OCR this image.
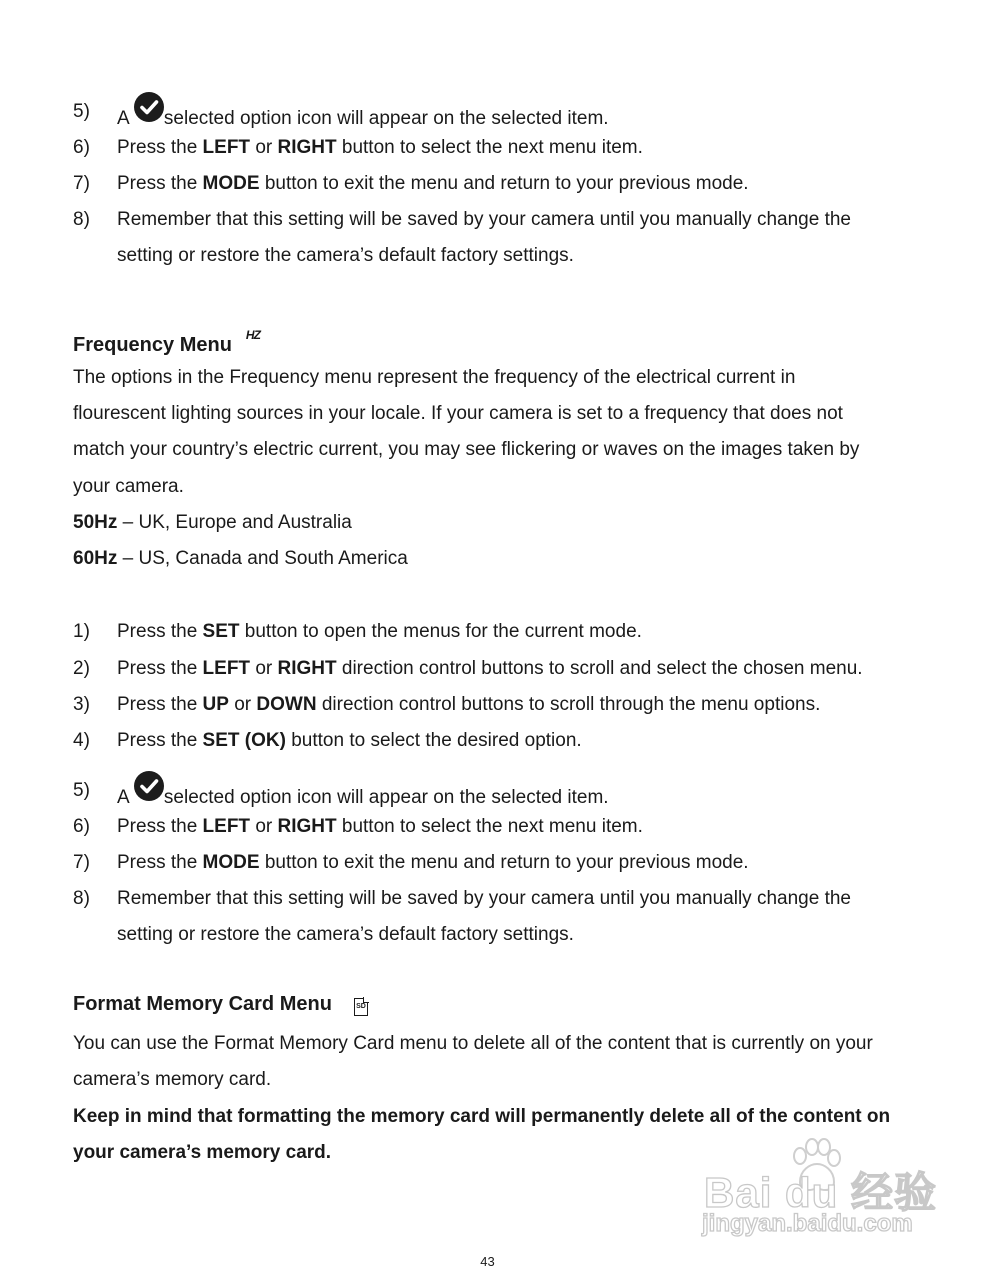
5) A
selected option icon will appear on the selected item.
6) Press the LEFT or RIGHT button to select the next menu item.
7) Press the MODE button to exit the menu and return to your previous mode.
8) Remember that this setting will be saved by your camera until you manually change the
setting or restore the camera’s default factory settings.
Frequency Menu HZ
The options in the Frequency menu represent the frequency of the electrical current in
flourescent lighting sources in your locale. If your camera is set to a frequency that does not
match your country’s electric current, you may see flickering or waves on the images taken by
your camera.
50Hz – UK, Europe and Australia
60Hz – US, Canada and South America
1) Press the SET button to open the menus for the current mode.
2) Press the LEFT or RIGHT direction control buttons to scroll and select the chosen menu.
3) Press the UP or DOWN direction control buttons to scroll through the menu options.
4) Press the SET (OK) button to select the desired option.
5) A
selected option icon will appear on the selected item.
6) Press the LEFT or RIGHT button to select the next menu item.
7) Press the MODE button to exit the menu and return to your previous mode.
8) Remember that this setting will be saved by your camera until you manually change the
setting or restore the camera’s default factory settings.
Format Memory Card Menu	SD
You can use the Format Memory Card menu to delete all of the content that is currently on your
camera’s memory card.
Keep in mind that formatting the memory card will permanently delete all of the content on
your camera’s memory card.
Bai du 经验
jingyan.baidu.com
43
